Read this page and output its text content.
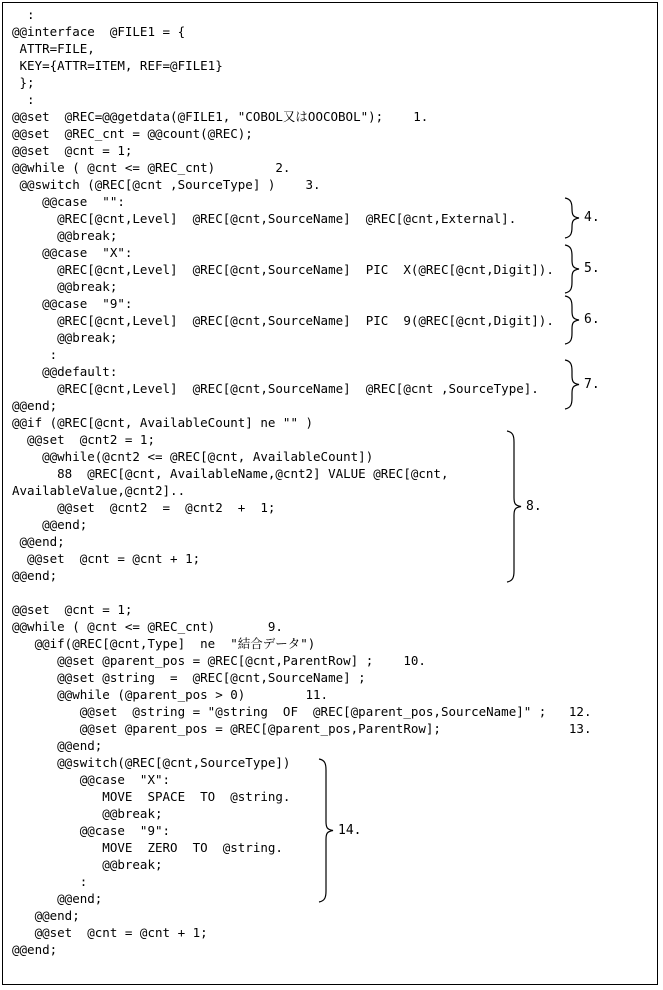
:
@@interface  @FILE1 = {
ATTR=FILE,
KEY={ATTR=ITEM, REF=@FILE1}
};
:
@@set  @REC=@@getdata(@FILE1, "COBOL又はOOCOBOL");    1.
@@set  @REC_cnt = @@count(@REC);
@@set  @cnt = 1;
@@while ( @cnt <= @REC_cnt)        2.
@@switch (@REC[@cnt ,SourceType] )    3.
@@case  "":
@REC[@cnt,Level]  @REC[@cnt,SourceName]  @REC[@cnt,External].
@@break;
@@case  "X":
@REC[@cnt,Level]  @REC[@cnt,SourceName]  PIC  X(@REC[@cnt,Digit]).
@@break;
@@case  "9":
@REC[@cnt,Level]  @REC[@cnt,SourceName]  PIC  9(@REC[@cnt,Digit]).
@@break;
:
@@default:
@REC[@cnt,Level]  @REC[@cnt,SourceName]  @REC[@cnt ,SourceType].
@@end;
@@if (@REC[@cnt, AvailableCount] ne "" )
@@set  @cnt2 = 1;
@@while(@cnt2 <= @REC[@cnt, AvailableCount])
88  @REC[@cnt, AvailableName,@cnt2] VALUE @REC[@cnt,
AvailableValue,@cnt2]..
@@set  @cnt2  =  @cnt2  +  1;
@@end;
@@end;
@@set  @cnt = @cnt + 1;
@@end;

@@set  @cnt = 1;
@@while ( @cnt <= @REC_cnt)       9.
@@if(@REC[@cnt,Type]  ne  "結合データ")
@@set @parent_pos = @REC[@cnt,ParentRow] ;    10.
@@set @string  =  @REC[@cnt,SourceName] ;
@@while (@parent_pos > 0)        11.
@@set  @string = "@string  OF  @REC[@parent_pos,SourceName]" ;   12.
@@set @parent_pos = @REC[@parent_pos,ParentRow];                 13.
@@end;
@@switch(@REC[@cnt,SourceType])
@@case  "X":
MOVE  SPACE  TO  @string.
@@break;
@@case  "9":
MOVE  ZERO  TO  @string.
@@break;
:
@@end;
@@end;
@@set  @cnt = @cnt + 1;
@@end;
4.
5.
6.
7.
8.
14.
